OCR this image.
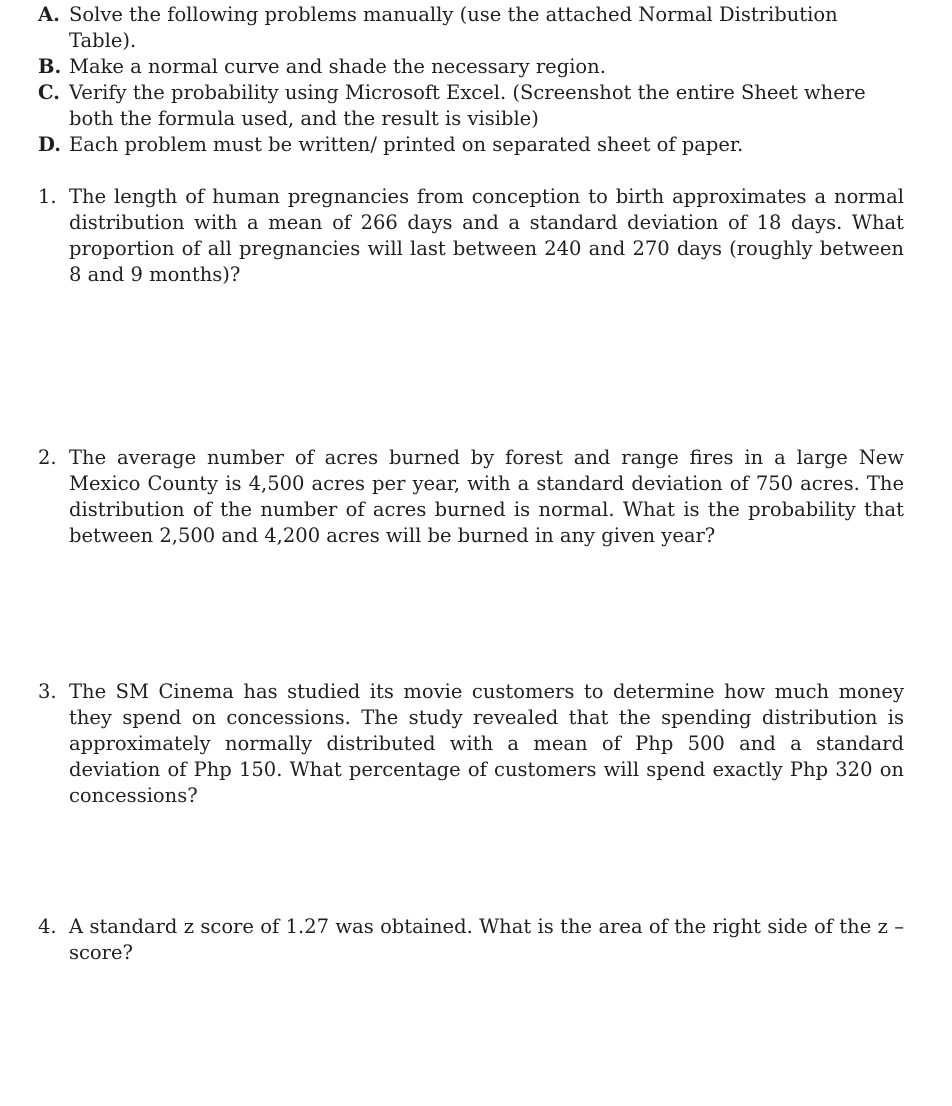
A. Solve the following problems manually (use the attached Normal Distribution Table).
B. Make a normal curve and shade the necessary region.
C. Verify the probability using Microsoft Excel. (Screenshot the entire Sheet where both the formula used, and the result is visible)
D. Each problem must be written/ printed on separated sheet of paper.
1. The length of human pregnancies from conception to birth approximates a normal distribution with a mean of 266 days and a standard deviation of 18 days. What proportion of all pregnancies will last between 240 and 270 days (roughly between 8 and 9 months)?
2. The average number of acres burned by forest and range fires in a large New Mexico County is 4,500 acres per year, with a standard deviation of 750 acres. The distribution of the number of acres burned is normal. What is the probability that between 2,500 and 4,200 acres will be burned in any given year?
3. The SM Cinema has studied its movie customers to determine how much money they spend on concessions. The study revealed that the spending distribution is approximately normally distributed with a mean of Php 500 and a standard deviation of Php 150. What percentage of customers will spend exactly Php 320 on concessions?
4. A standard z score of 1.27 was obtained. What is the area of the right side of the z – score?
